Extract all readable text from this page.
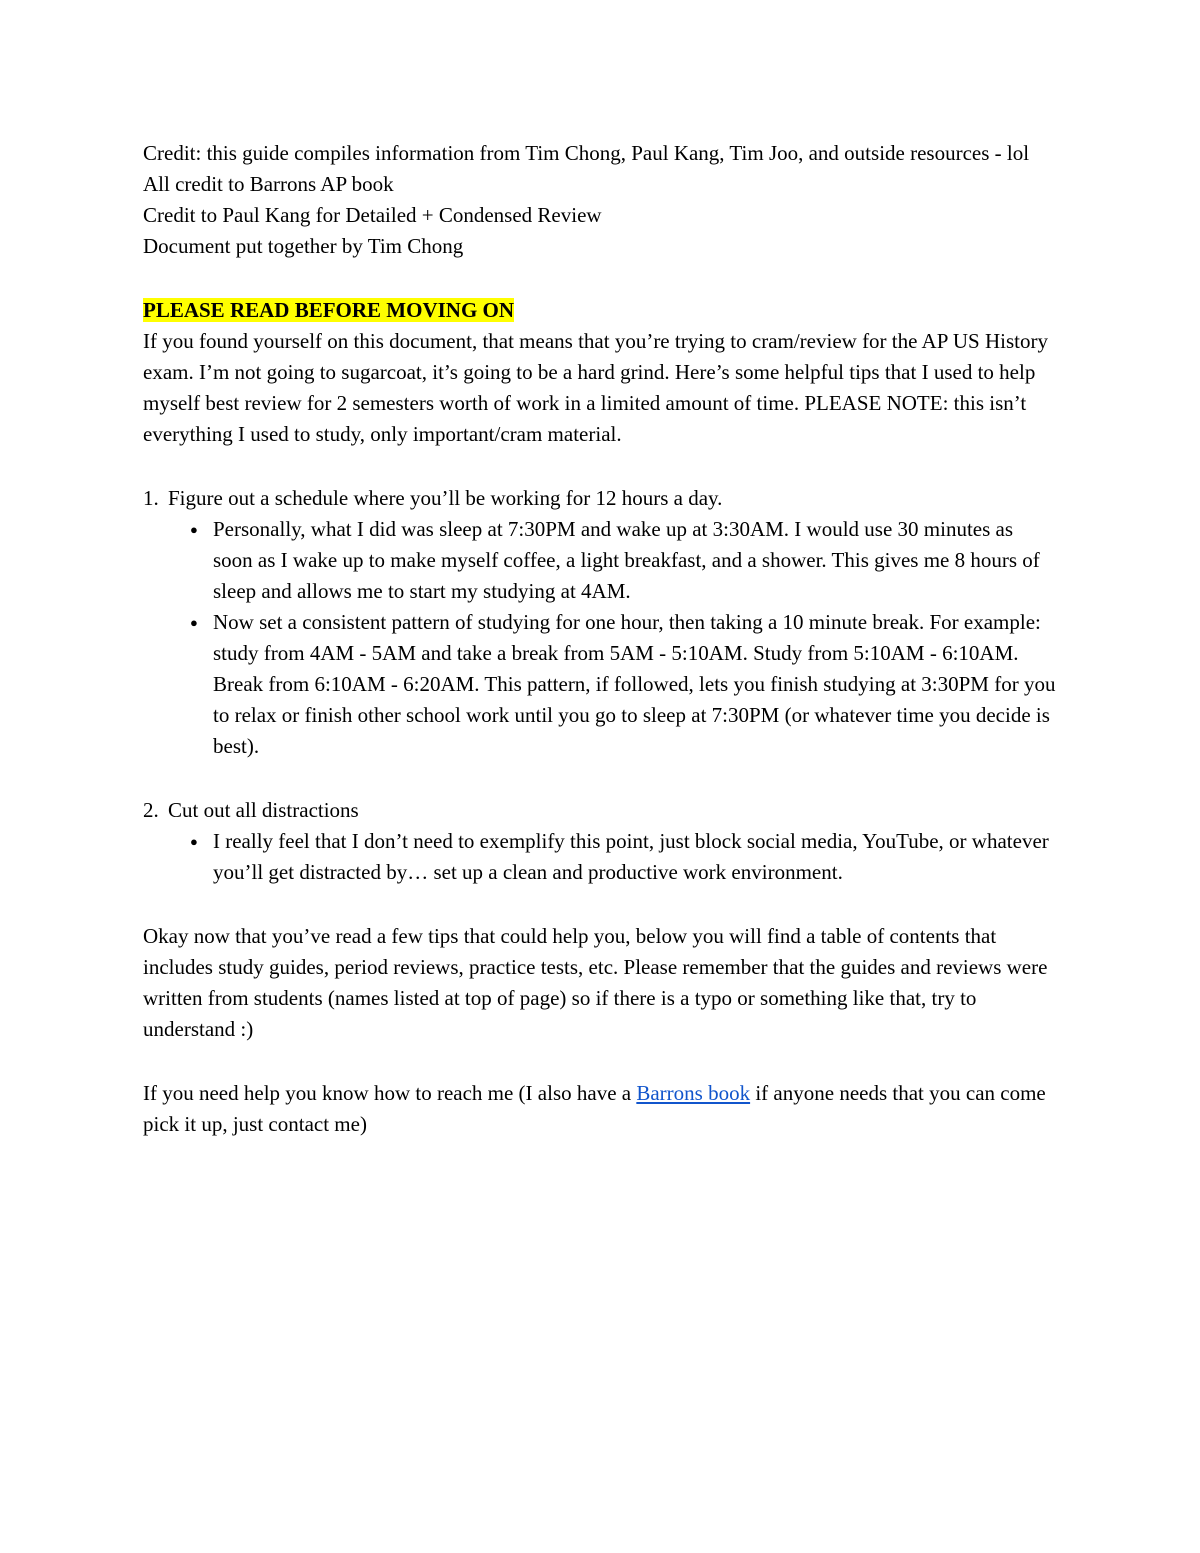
Credit: this guide compiles information from Tim Chong, Paul Kang, Tim Joo, and outside resources - lol
All credit to Barrons AP book
Credit to Paul Kang for Detailed + Condensed Review
Document put together by Tim Chong
PLEASE READ BEFORE MOVING ON
If you found yourself on this document, that means that you’re trying to cram/review for the AP US History exam. I’m not going to sugarcoat, it’s going to be a hard grind. Here’s some helpful tips that I used to help myself best review for 2 semesters worth of work in a limited amount of time. PLEASE NOTE: this isn’t everything I used to study, only important/cram material.
1. Figure out a schedule where you’ll be working for 12 hours a day.
● Personally, what I did was sleep at 7:30PM and wake up at 3:30AM. I would use 30 minutes as soon as I wake up to make myself coffee, a light breakfast, and a shower. This gives me 8 hours of sleep and allows me to start my studying at 4AM.
● Now set a consistent pattern of studying for one hour, then taking a 10 minute break. For example: study from 4AM - 5AM and take a break from 5AM - 5:10AM. Study from 5:10AM - 6:10AM. Break from 6:10AM - 6:20AM. This pattern, if followed, lets you finish studying at 3:30PM for you to relax or finish other school work until you go to sleep at 7:30PM (or whatever time you decide is best).
2. Cut out all distractions
● I really feel that I don’t need to exemplify this point, just block social media, YouTube, or whatever you’ll get distracted by… set up a clean and productive work environment.
Okay now that you’ve read a few tips that could help you, below you will find a table of contents that includes study guides, period reviews, practice tests, etc. Please remember that the guides and reviews were written from students (names listed at top of page) so if there is a typo or something like that, try to understand :)
If you need help you know how to reach me (I also have a Barrons book if anyone needs that you can come pick it up, just contact me)
